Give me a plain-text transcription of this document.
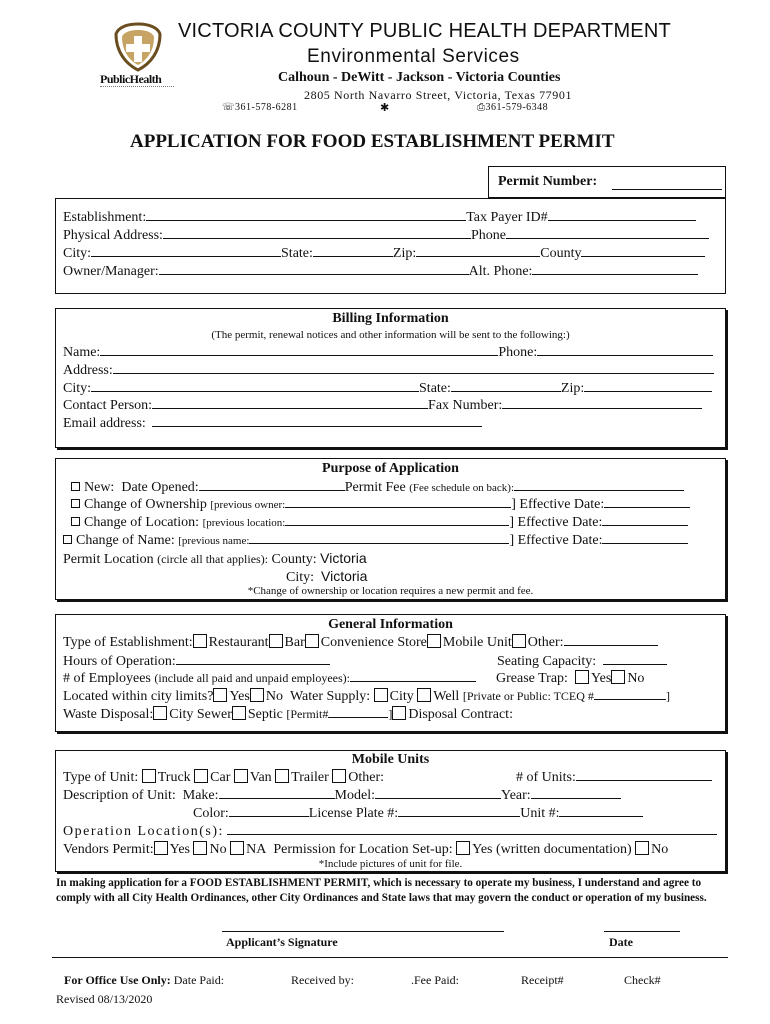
PublicHealth
VICTORIA COUNTY PUBLIC HEALTH DEPARTMENT
Environmental Services
Calhoun - DeWitt - Jackson - Victoria Counties
2805 North Navarro Street, Victoria, Texas 77901
☏361-578-6281	✱	⎙361-579-6348
APPLICATION FOR FOOD ESTABLISHMENT PERMIT
Permit Number:
Establishment:	Tax Payer ID#
Physical Address:	Phone
City:	State:	Zip:	County
Owner/Manager:	Alt. Phone:
Billing Information
(The permit, renewal notices and other information will be sent to the following:)
Name:	Phone:
Address:
City:	State:	Zip:
Contact Person:	Fax Number:
Email address:
Purpose of Application
New: Date Opened:	Permit Fee (Fee schedule on back):
Change of Ownership [previous owner:	] Effective Date:
Change of Location: [previous location:	] Effective Date:
Change of Name: [previous name:	] Effective Date:
Permit Location (circle all that applies): County: Victoria
City: Victoria
*Change of ownership or location requires a new permit and fee.
General Information
Type of Establishment: Restaurant Bar Convenience Store Mobile Unit Other:
Hours of Operation:	Seating Capacity:
# of Employees (include all paid and unpaid employees):	Grease Trap: Yes No
Located within city limits? Yes No Water Supply: City Well [Private or Public: TCEQ #	]
Waste Disposal: City Sewer Septic [Permit#	] Disposal Contract:
Mobile Units
Type of Unit: Truck Car Van Trailer Other:	# of Units:
Description of Unit: Make:	Model:	Year:
Color:	License Plate #:	Unit #:
Operation Location(s):
Vendors Permit: Yes No NA Permission for Location Set-up: Yes (written documentation) No
*Include pictures of unit for file.
In making application for a FOOD ESTABLISHMENT PERMIT, which is necessary to operate my business, I understand and agree to comply with all City Health Ordinances, other City Ordinances and State laws that may govern the conduct or operation of my business.
Applicant’s Signature	Date
For Office Use Only: Date Paid:	Received by:	.Fee Paid:	Receipt#	Check#
Revised 08/13/2020
